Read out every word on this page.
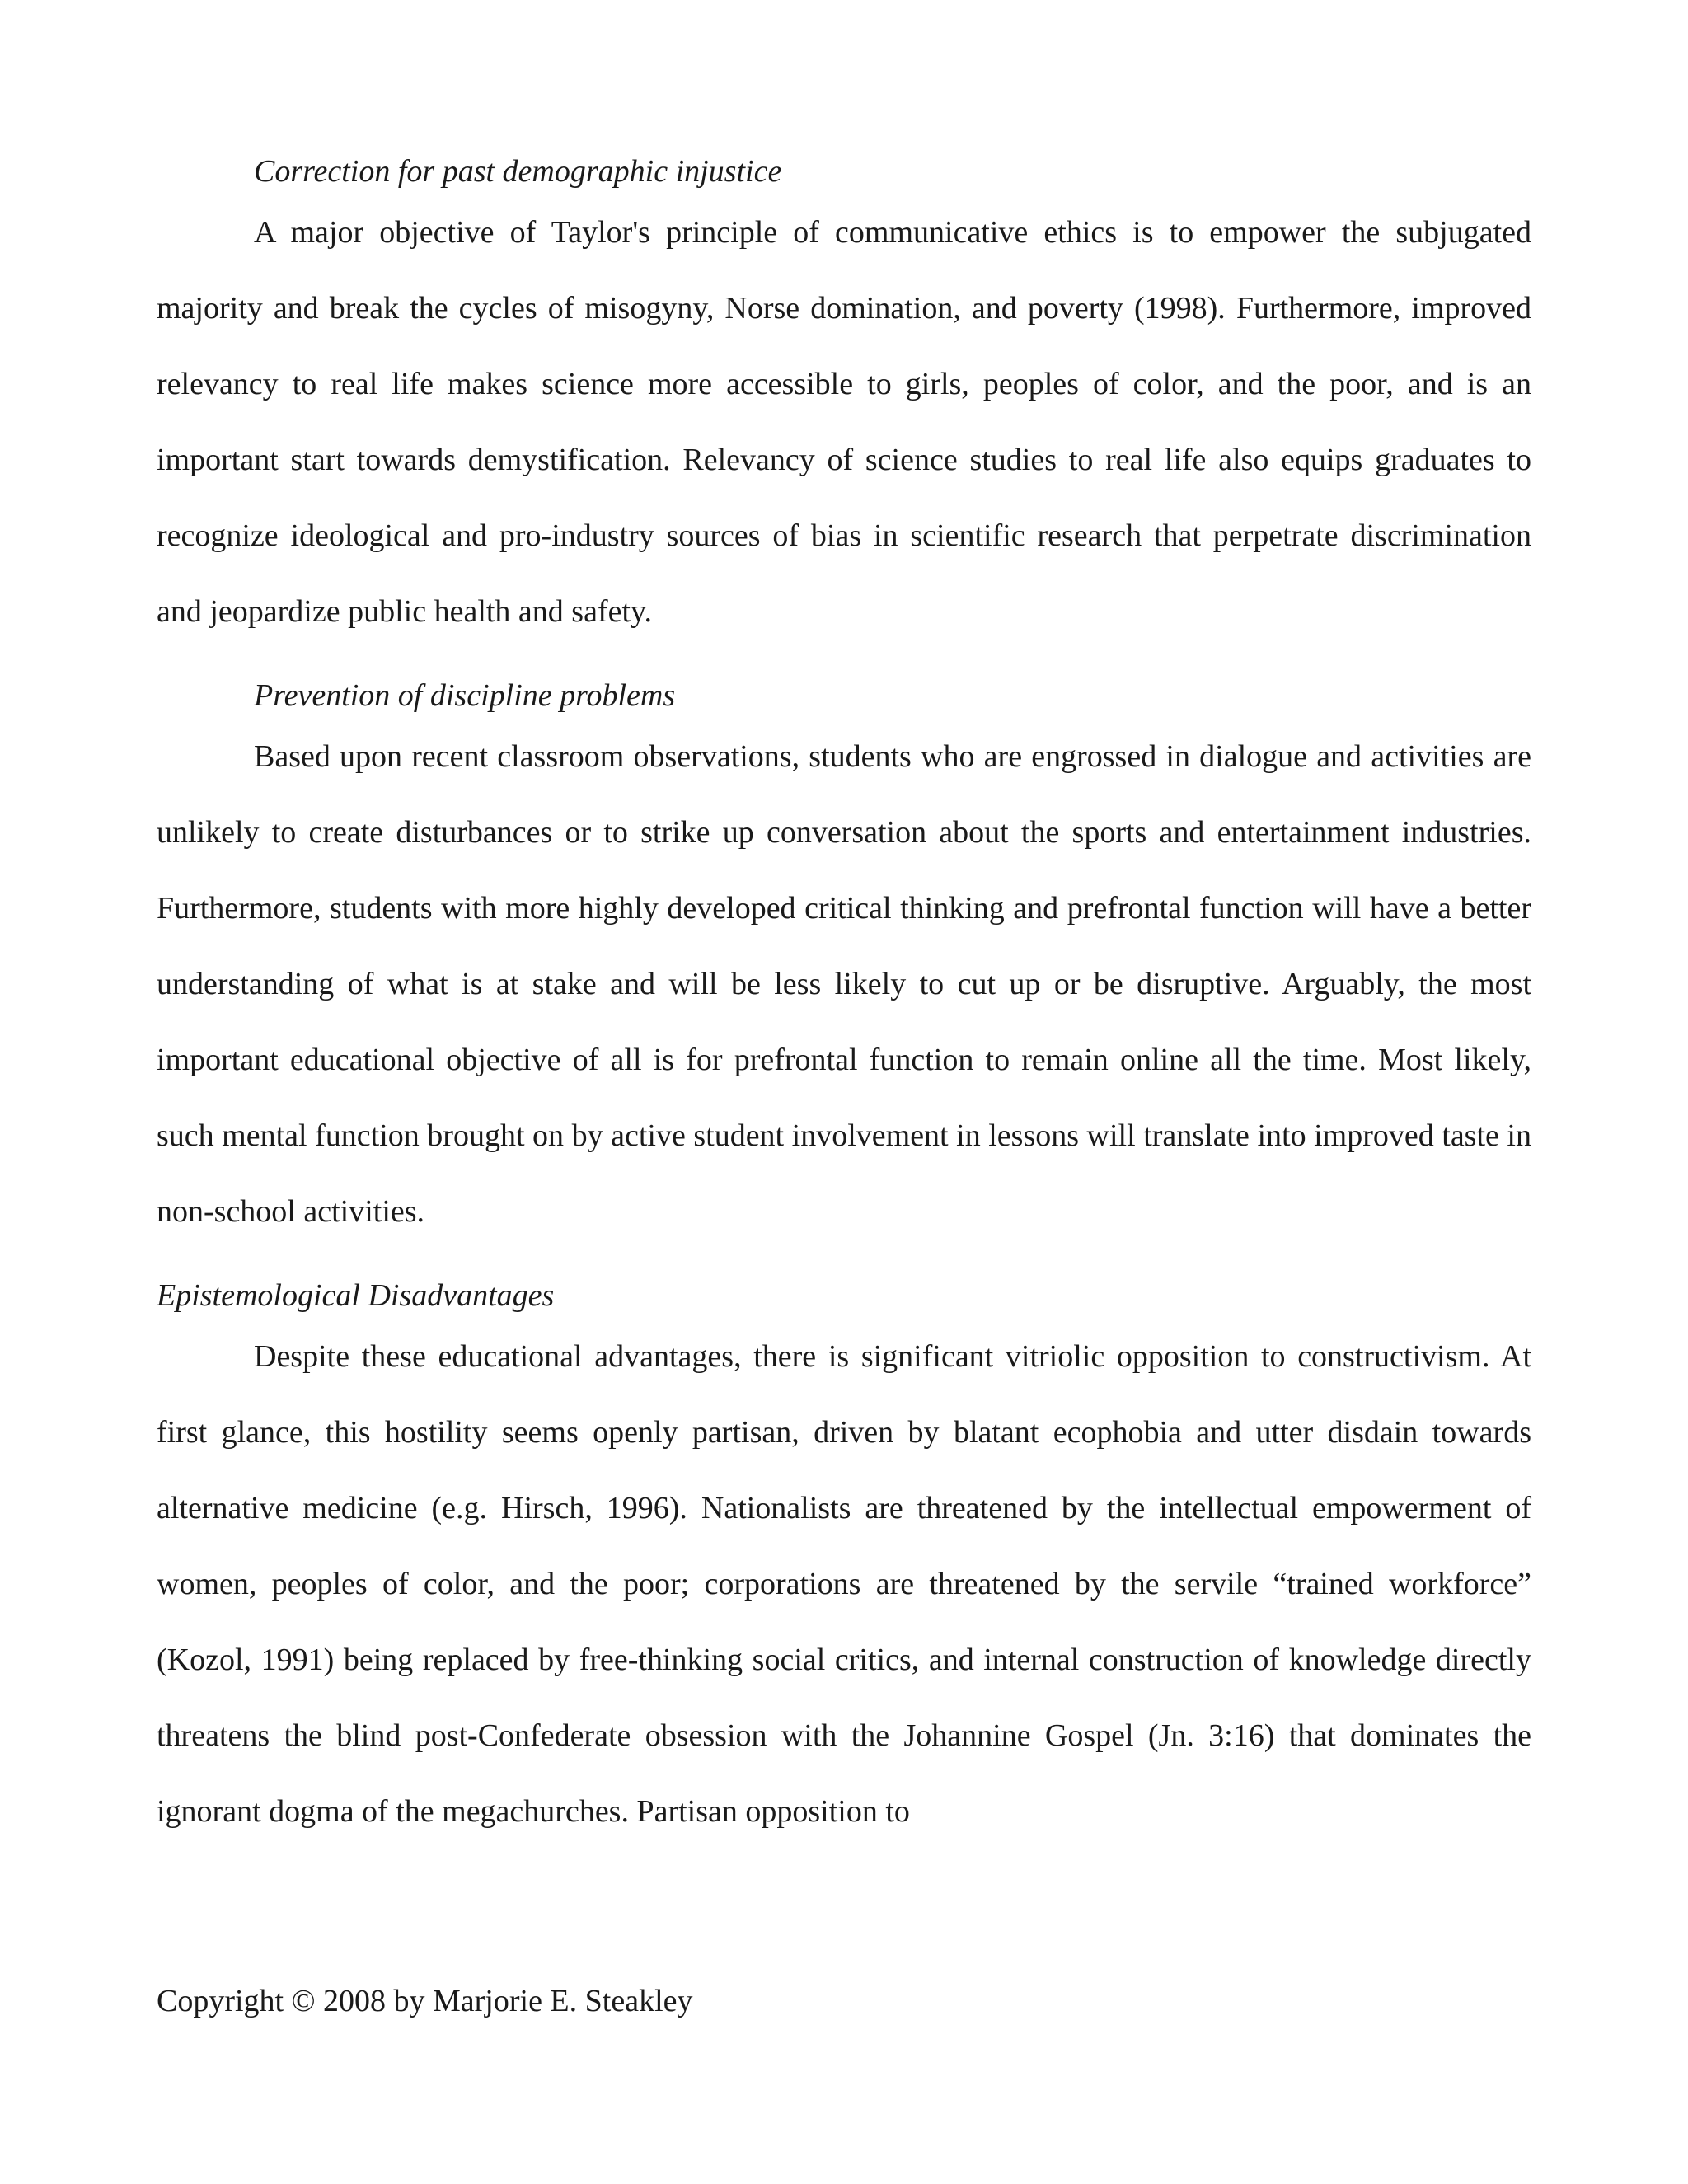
Correction for past demographic injustice

A major objective of Taylor's principle of communicative ethics is to empower the subjugated majority and break the cycles of misogyny, Norse domination, and poverty (1998). Furthermore, improved relevancy to real life makes science more accessible to girls, peoples of color, and the poor, and is an important start towards demystification. Relevancy of science studies to real life also equips graduates to recognize ideological and pro-industry sources of bias in scientific research that perpetrate discrimination and jeopardize public health and safety.

Prevention of discipline problems

Based upon recent classroom observations, students who are engrossed in dialogue and activities are unlikely to create disturbances or to strike up conversation about the sports and entertainment industries. Furthermore, students with more highly developed critical thinking and prefrontal function will have a better understanding of what is at stake and will be less likely to cut up or be disruptive. Arguably, the most important educational objective of all is for prefrontal function to remain online all the time. Most likely, such mental function brought on by active student involvement in lessons will translate into improved taste in non-school activities.

Epistemological Disadvantages

Despite these educational advantages, there is significant vitriolic opposition to constructivism. At first glance, this hostility seems openly partisan, driven by blatant ecophobia and utter disdain towards alternative medicine (e.g. Hirsch, 1996). Nationalists are threatened by the intellectual empowerment of women, peoples of color, and the poor; corporations are threatened by the servile “trained workforce” (Kozol, 1991) being replaced by free-thinking social critics, and internal construction of knowledge directly threatens the blind post-Confederate obsession with the Johannine Gospel (Jn. 3:16) that dominates the ignorant dogma of the megachurches. Partisan opposition to

Copyright © 2008 by Marjorie E. Steakley
